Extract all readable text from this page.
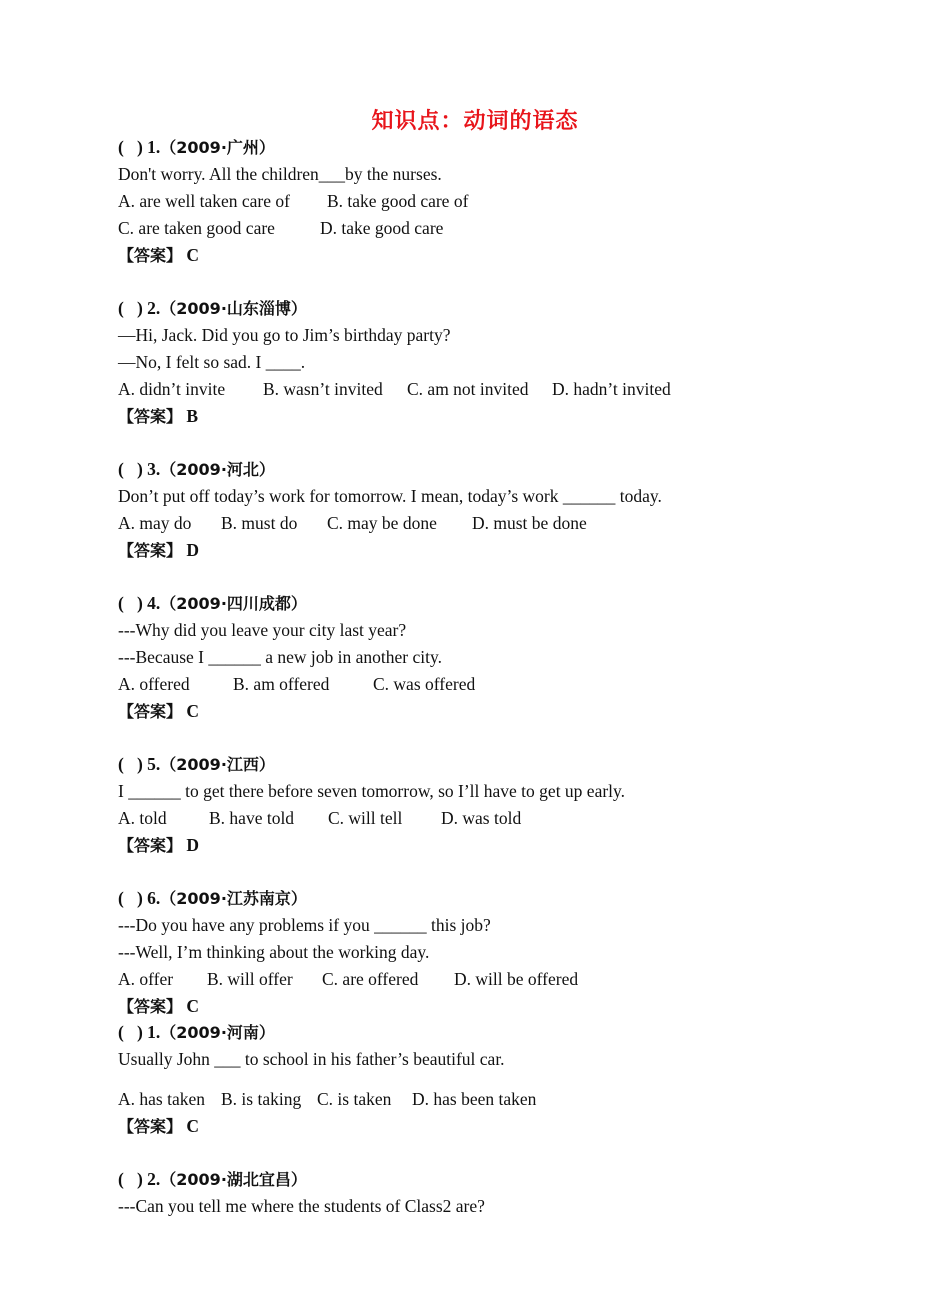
知识点：动词的语态
(   ) 1.（2009·广州）
Don't worry. All the children___by the nurses.
A. are well taken care of B. take good care of
C. are taken good care	D. take good care
【答案】 C
(   ) 2.（2009·山东淄博）
—Hi, Jack. Did you go to Jim’s birthday party?
—No, I felt so sad. I ____.
A. didn’t invite B. wasn’t invited C. am not invited D. hadn’t invited
【答案】 B
(   ) 3.（2009·河北）
Don’t put off today’s work for tomorrow. I mean, today’s work ______ today.
A. may do B. must do C. may be done D. must be done
【答案】 D
(   ) 4.（2009·四川成都）
---Why did you leave your city last year?
---Because I ______ a new job in another city.
A. offered B. am offered C. was offered
【答案】 C
(   ) 5.（2009·江西）
I ______ to get there before seven tomorrow, so I’ll have to get up early.
A. told B. have told C. will tell D. was told
【答案】 D
(   ) 6.（2009·江苏南京）
---Do you have any problems if you ______ this job?
---Well, I’m thinking about the working day.
A. offer B. will offer C. are offered D. will be offered
【答案】 C
(   ) 1.（2009·河南）
Usually John ___ to school in his father’s beautiful car.
A. has taken B. is taking C. is taken D. has been taken
【答案】 C
(   ) 2.（2009·湖北宜昌）
---Can you tell me where the students of Class2 are?
